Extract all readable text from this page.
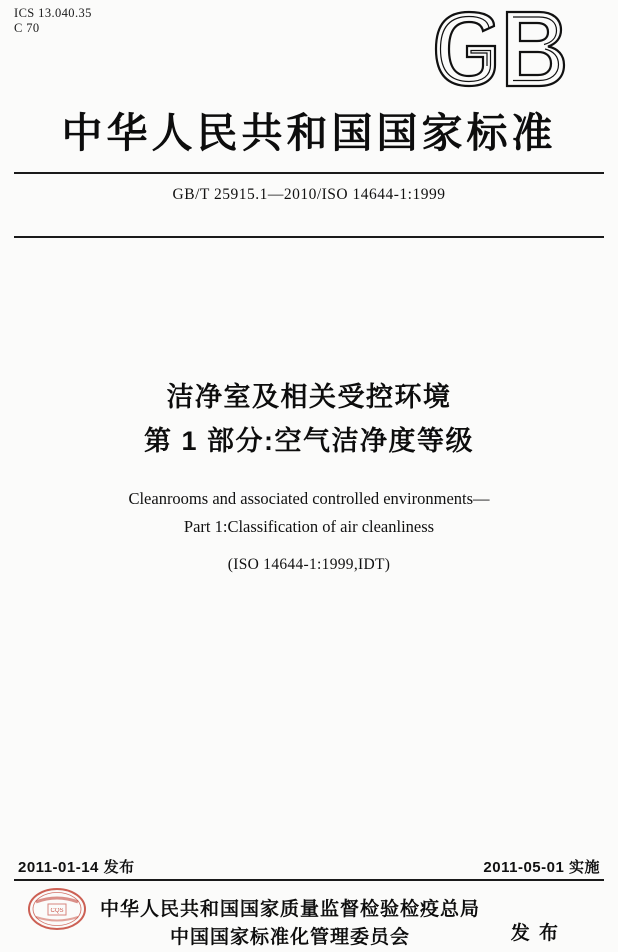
ICS 13.040.35
C 70
中华人民共和国国家标准
GB/T 25915.1—2010/ISO 14644-1:1999
洁净室及相关受控环境
第 1 部分:空气洁净度等级
Cleanrooms and associated controlled environments—
Part 1:Classification of air cleanliness
(ISO 14644-1:1999,IDT)
2011-01-14 发布	2011-05-01 实施
CQS	中华人民共和国国家质量监督检验检疫总局
中国国家标准化管理委员会	发 布
